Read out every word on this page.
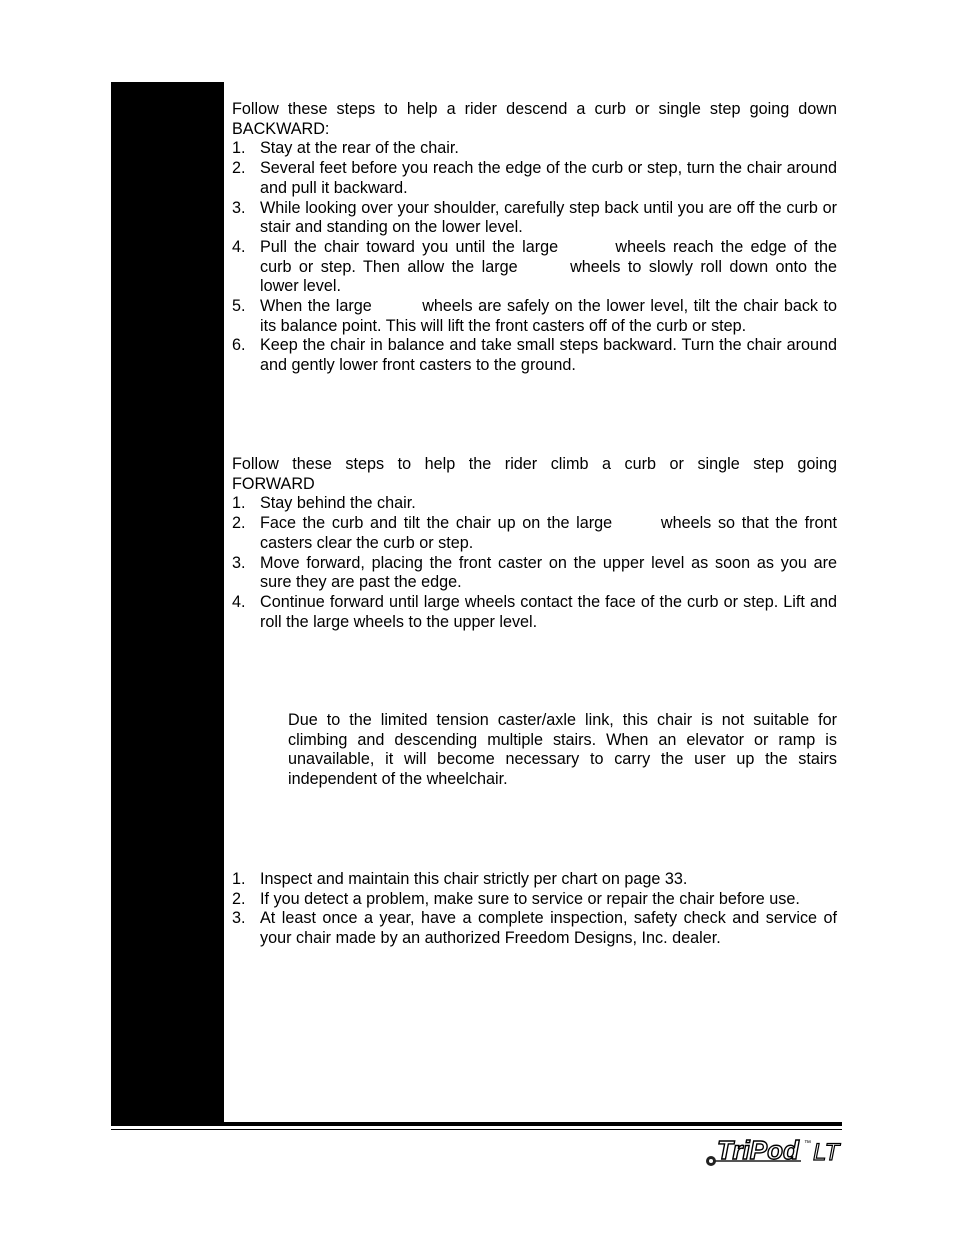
Follow these steps to help a rider descend a curb or single step going down

BACKWARD:

1. Stay at the rear of the chair.
2. Several feet before you reach the edge of the curb or step, turn the chair around and pull it backward.
3. While looking over your shoulder, carefully step back until you are off the curb or stair and standing on the lower level.
4. Pull the chair toward you until the large	wheels reach the edge of the curb or step. Then allow the large	wheels to slowly roll down onto the lower level.
5. When the large	wheels are safely on the lower level, tilt the chair back to its balance point. This will lift the front casters off of the curb or step.
6. Keep the chair in balance and take small steps backward. Turn the chair around and gently lower front casters to the ground.

Follow these steps to help the rider climb a curb or single step going

FORWARD

1. Stay behind the chair.
2. Face the curb and tilt the chair up on the large	wheels so that the front casters clear the curb or step.
3. Move forward, placing the front caster on the upper level as soon as you are sure they are past the edge.
4. Continue forward until large wheels contact the face of the curb or step. Lift and roll the large wheels to the upper level.

Due to the limited tension caster/axle link, this chair is not suitable for climbing and descending multiple stairs. When an elevator or ramp is unavailable, it will become necessary to carry the user up the stairs independent of the wheelchair.

1. Inspect and maintain this chair strictly per chart on page 33.
2. If you detect a problem, make sure to service or repair the chair before use.
3. At least once a year, have a complete inspection, safety check and service of your chair made by an authorized Freedom Designs, Inc. dealer.
TriPod ™ LT
